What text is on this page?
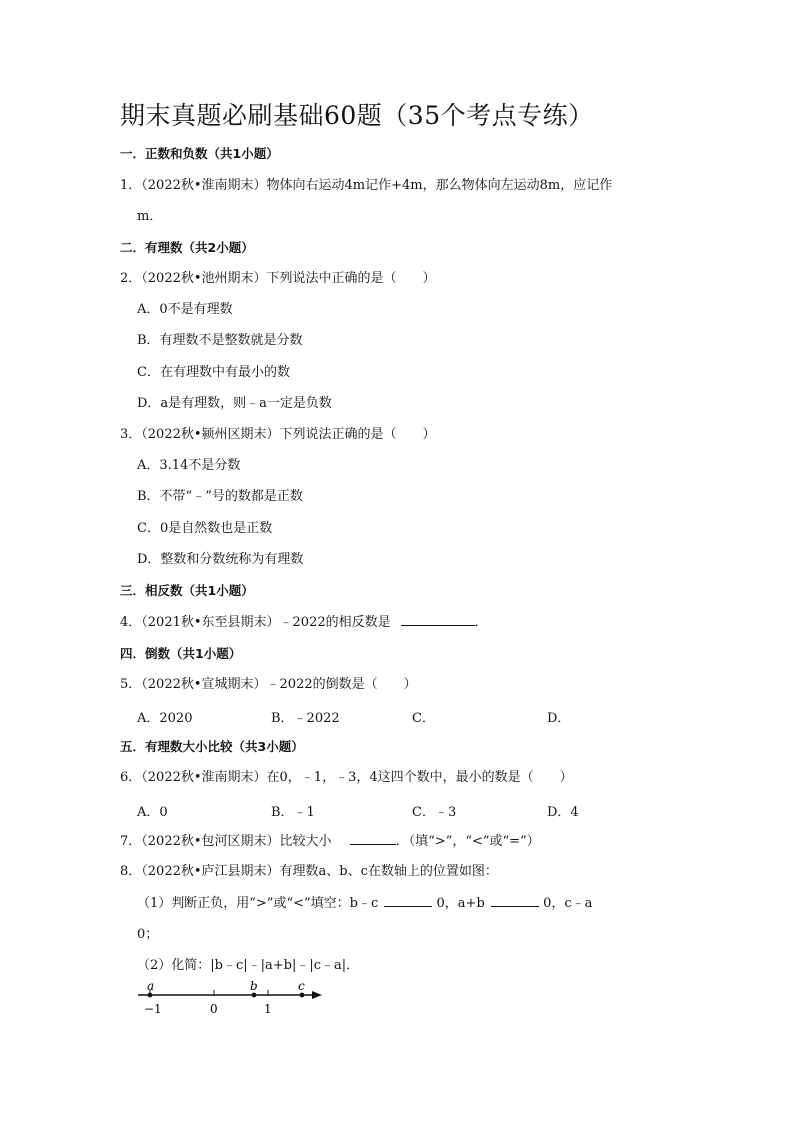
期末真题必刷基础60题（35个考点专练）
一．正数和负数（共1小题）
1．（2022秋•淮南期末）物体向右运动4m记作+4m，那么物体向左运动8m，应记作
m．
二．有理数（共2小题）
2．（2022秋•池州期末）下列说法中正确的是（　　）
A．0不是有理数
B．有理数不是整数就是分数
C．在有理数中有最小的数
D．a是有理数，则﹣a一定是负数
3．（2022秋•颍州区期末）下列说法正确的是（　　）
A．3.14不是分数
B．不带“﹣”号的数都是正数
C．0是自然数也是正数
D．整数和分数统称为有理数
三．相反数（共1小题）
4．（2021秋•东至县期末）﹣2022的相反数是	．
四．倒数（共1小题）
5．（2022秋•宣城期末）﹣2022的倒数是（　　）
A．2020	B．﹣2022	C．	D．
五．有理数大小比较（共3小题）
6．（2022秋•淮南期末）在0，﹣1，﹣3，4这四个数中，最小的数是（　　）
A．0	B．﹣1	C．﹣3	D．4
7．（2022秋•包河区期末）比较大小	．（填“>”，“<”或“=”）
8．（2022秋•庐江县期末）有理数a、b、c在数轴上的位置如图：
（1）判断正负，用“>”或“<”填空：b﹣c	0，a+b	0，c﹣a
0；
（2）化简：|b﹣c|﹣|a+b|﹣|c﹣a|．
a	b	c
−1	0	1
